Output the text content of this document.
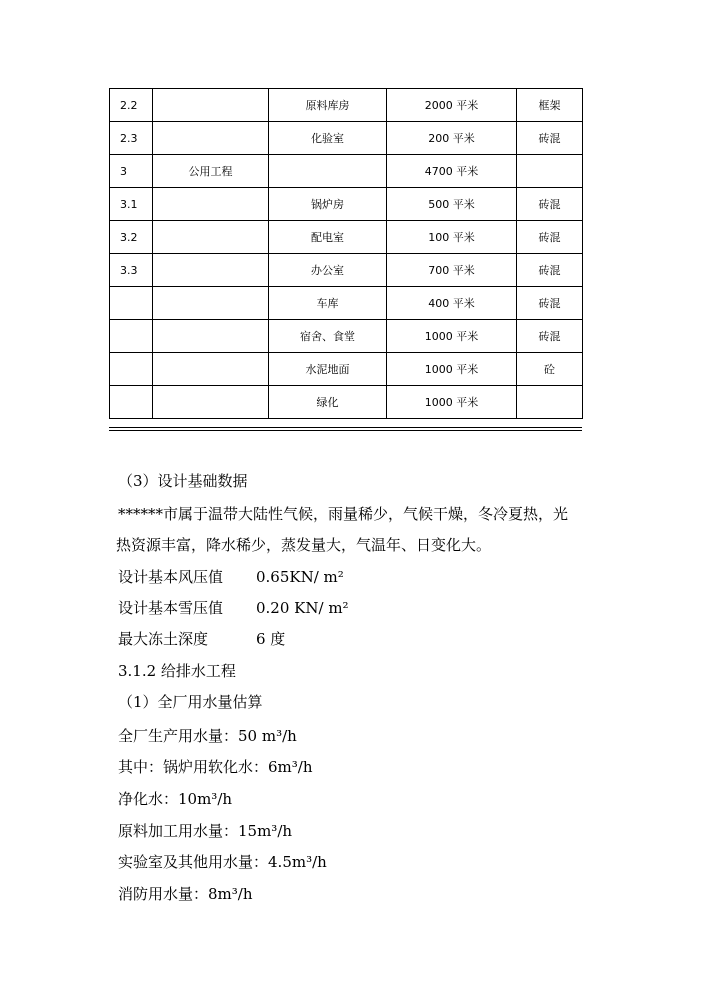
2.2		原料库房	2000 平米	框架
2.3		化验室	200 平米	砖混
3	公用工程		4700 平米	
3.1		锅炉房	500 平米	砖混
3.2		配电室	100 平米	砖混
3.3		办公室	700 平米	砖混
		车库	400 平米	砖混
		宿舍、食堂	1000 平米	砖混
		水泥地面	1000 平米	砼
		绿化	1000 平米	
（3）设计基础数据
******市属于温带大陆性气候，雨量稀少，气候干燥，冬冷夏热，光
热资源丰富，降水稀少，蒸发量大，气温年、日变化大。
设计基本风压值 0.65KN/ m²
设计基本雪压值 0.20 KN/ m²
最大冻土深度	6 度
3.1.2 给排水工程
（1）全厂用水量估算
全厂生产用水量：50 m³/h
其中：锅炉用软化水：6m³/h
净化水：10m³/h
原料加工用水量：15m³/h
实验室及其他用水量：4.5m³/h
消防用水量：8m³/h
